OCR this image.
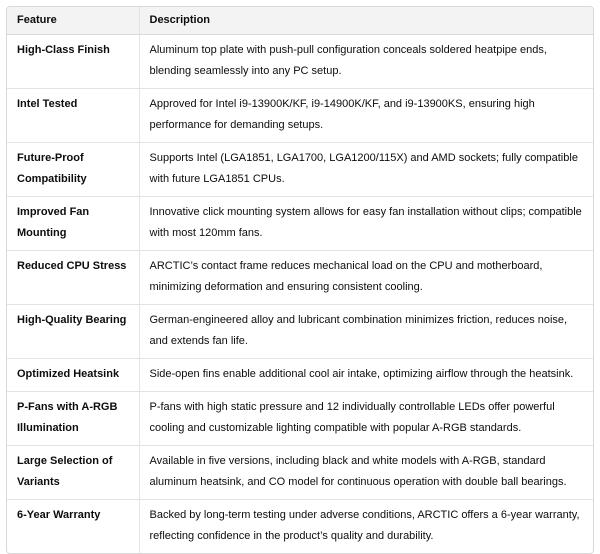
Feature	Description
High-Class Finish	Aluminum top plate with push-pull configuration conceals soldered heatpipe ends, blending seamlessly into any PC setup.
Intel Tested	Approved for Intel i9-13900K/KF, i9-14900K/KF, and i9-13900KS, ensuring high performance for demanding setups.
Future-Proof Compatibility	Supports Intel (LGA1851, LGA1700, LGA1200/115X) and AMD sockets; fully compatible with future LGA1851 CPUs.
Improved Fan Mounting	Innovative click mounting system allows for easy fan installation without clips; compatible with most 120mm fans.
Reduced CPU Stress	ARCTIC’s contact frame reduces mechanical load on the CPU and motherboard, minimizing deformation and ensuring consistent cooling.
High-Quality Bearing	German-engineered alloy and lubricant combination minimizes friction, reduces noise, and extends fan life.
Optimized Heatsink	Side-open fins enable additional cool air intake, optimizing airflow through the heatsink.
P-Fans with A-RGB Illumination	P-fans with high static pressure and 12 individually controllable LEDs offer powerful cooling and customizable lighting compatible with popular A-RGB standards.
Large Selection of Variants	Available in five versions, including black and white models with A-RGB, standard aluminum heatsink, and CO model for continuous operation with double ball bearings.
6-Year Warranty	Backed by long-term testing under adverse conditions, ARCTIC offers a 6-year warranty, reflecting confidence in the product’s quality and durability.
